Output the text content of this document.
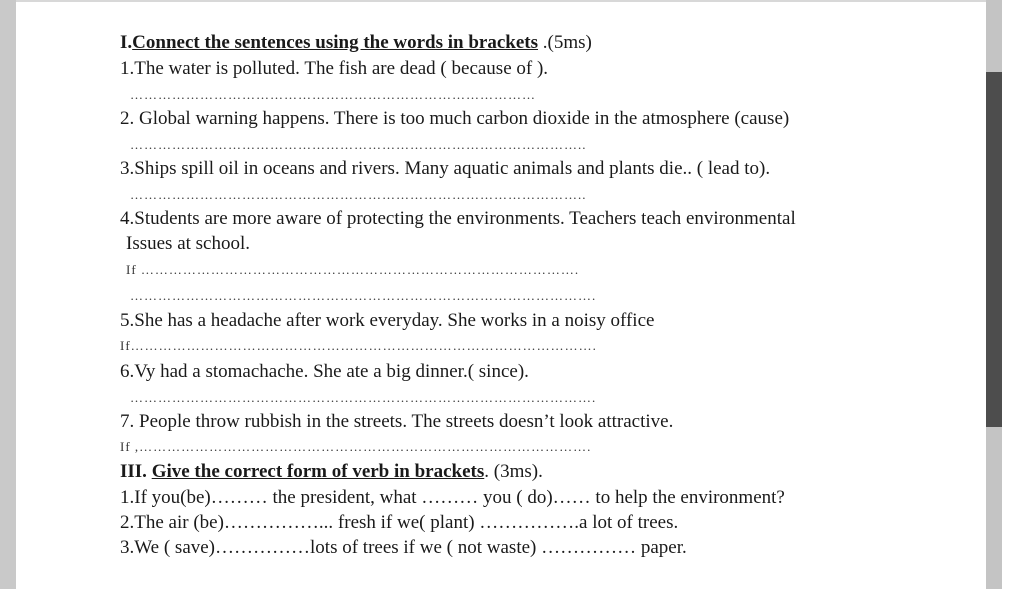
I.Connect the sentences using the words in brackets .(5ms)
1.The water is polluted. The fish are dead ( because of ).
……………………………………………………………………………
2. Global warning happens. There is too much carbon dioxide in the atmosphere (cause)
……………………………………………………………………………………..
3.Ships spill oil in oceans and rivers. Many aquatic animals and plants die.. ( lead to).
……………………………………………………………………………………..
4.Students are more aware of protecting the environments. Teachers teach environmental
Issues at school.
If ………………………………………………………………………………….
……………………………………………………………………………………….
5.She has a headache after work everyday. She works in a noisy office
If……………………………………………………………………………………….
6.Vy had a stomachache. She ate a big dinner.( since).
……………………………………………………………………………………….
7. People throw rubbish in the streets. The streets doesn’t look attractive.
If ,…………………………………………………………………………………….
III. Give the correct form of verb in brackets. (3ms).
1.If you(be)……… the president, what ……… you ( do)…… to help the environment?
2.The air (be)……………... fresh if we( plant) …………….a lot of trees.
3.We ( save)……………lots of trees if we ( not waste) …………… paper.
